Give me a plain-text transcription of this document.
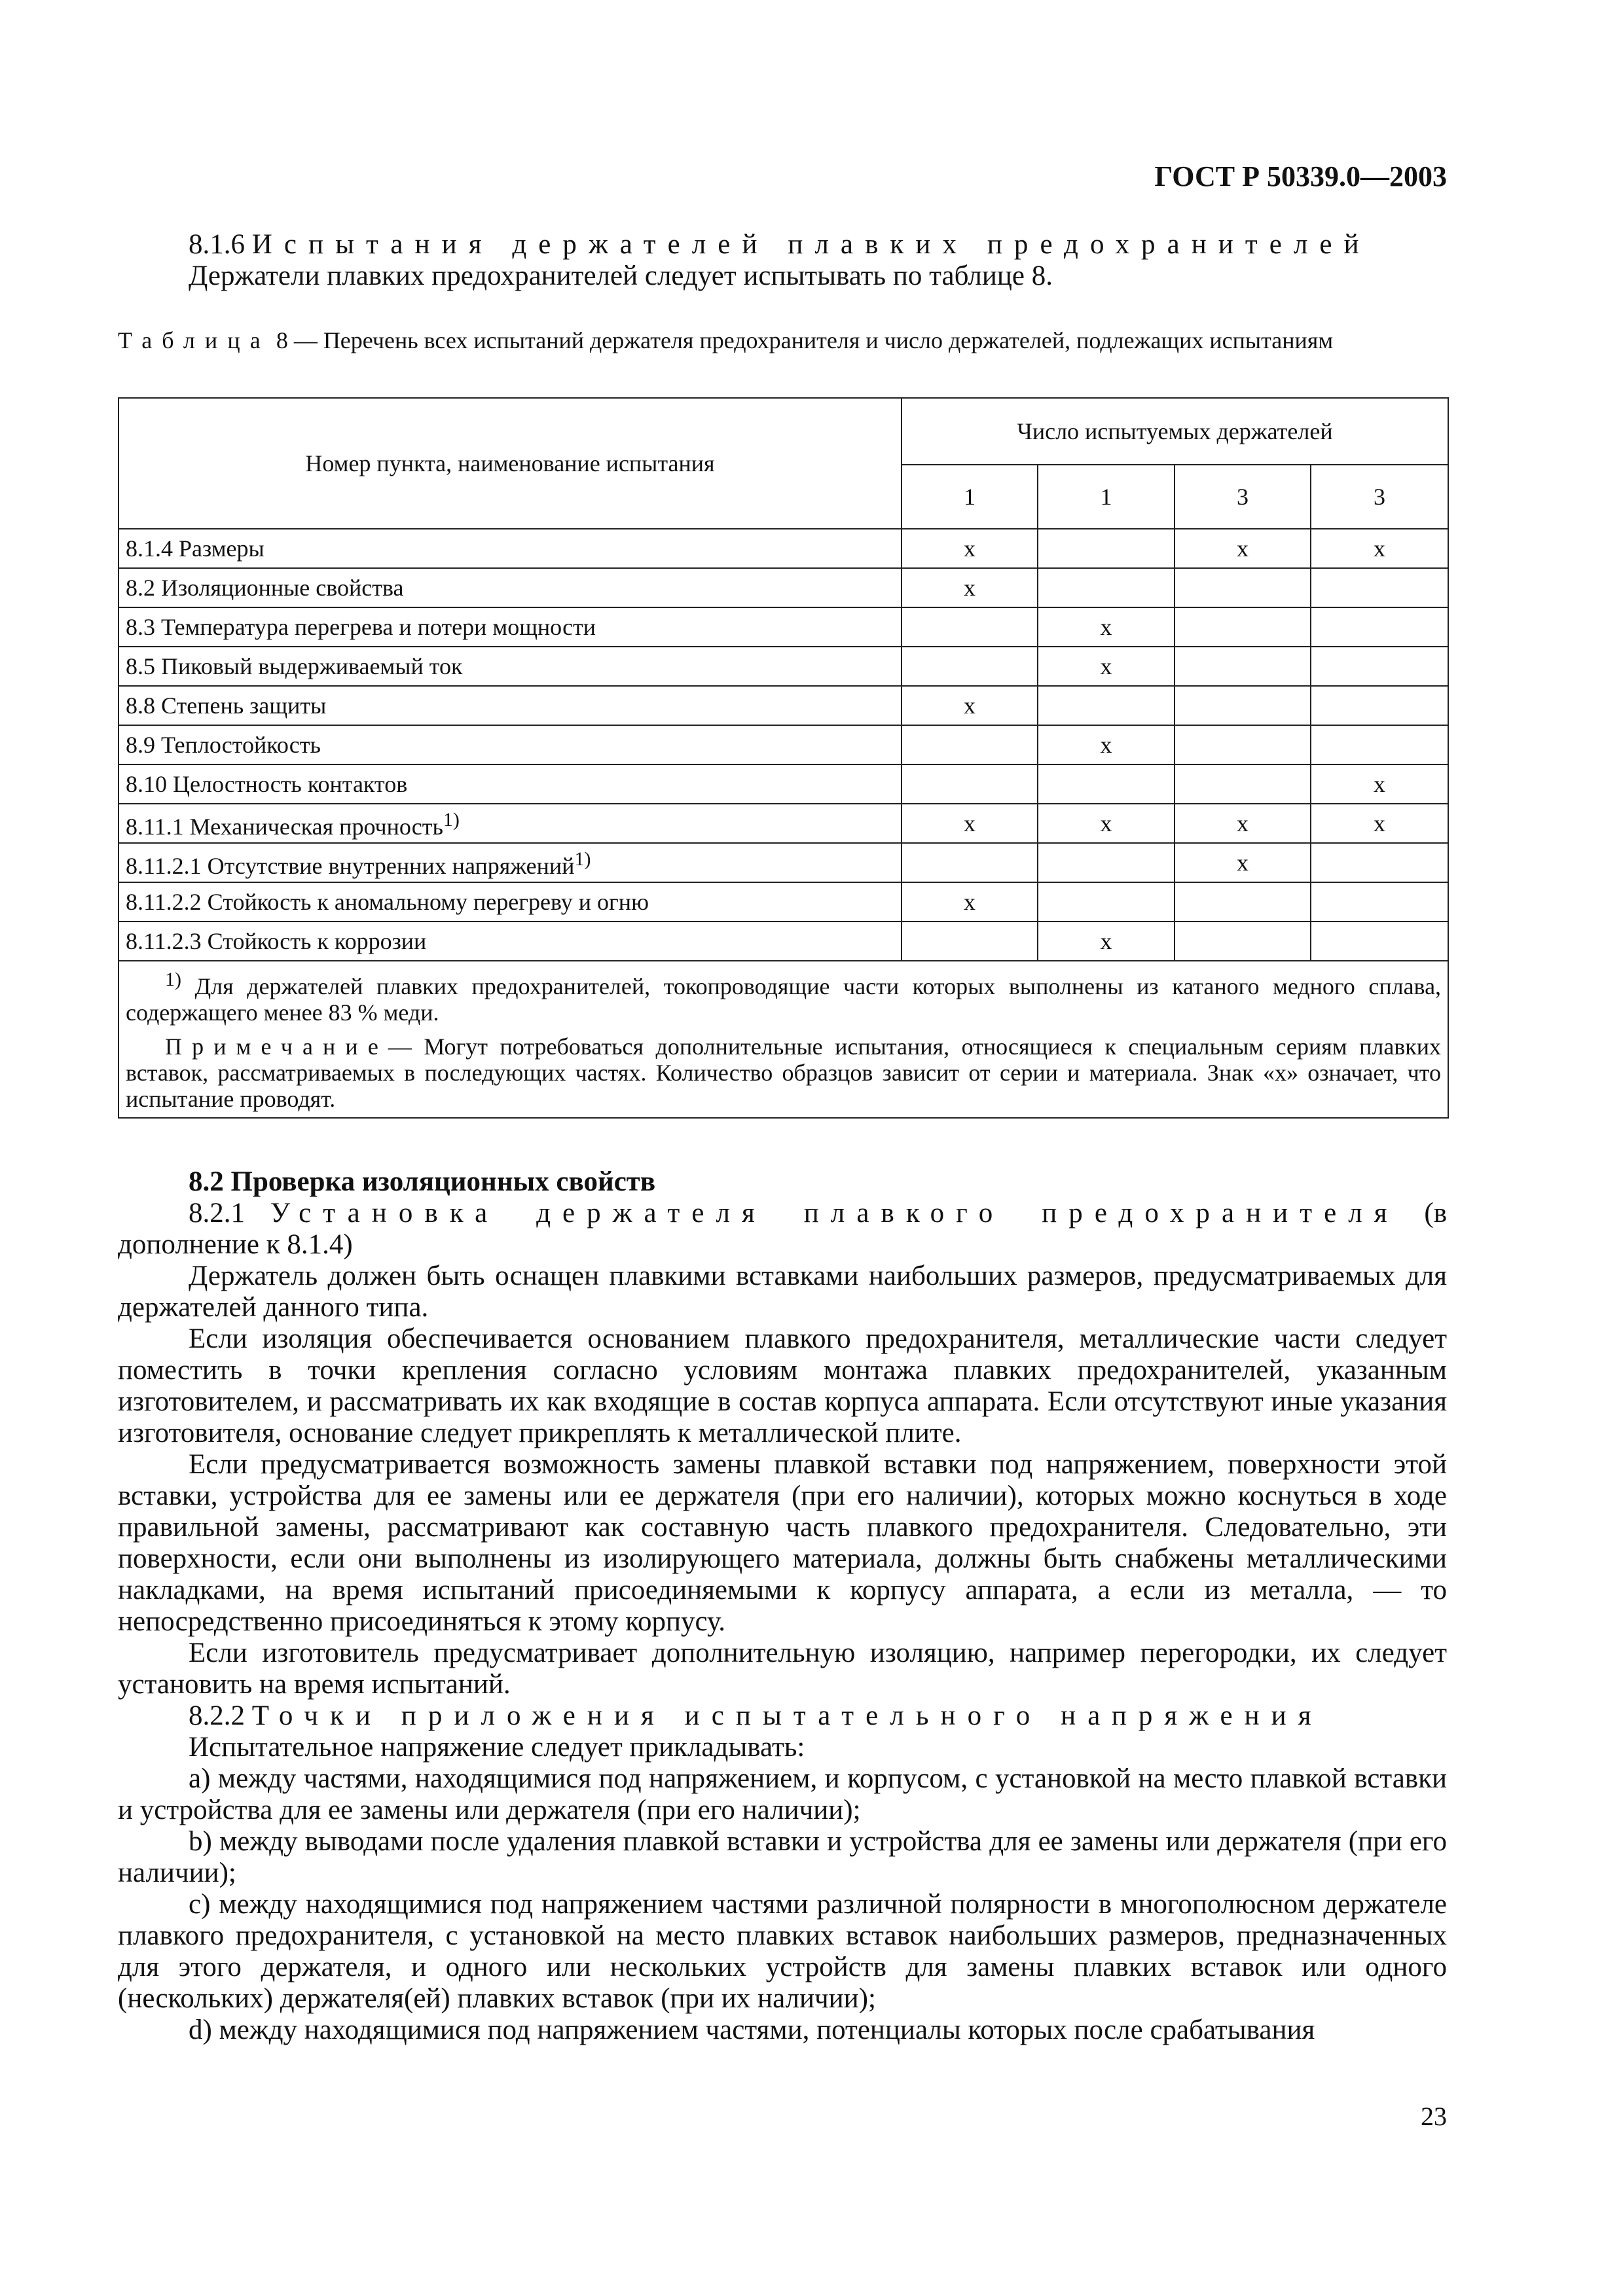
ГОСТ Р 50339.0—2003

8.1.6 Испытания держателей плавких предохранителей

Держатели плавких предохранителей следует испытывать по таблице 8.

Таблица 8 — Перечень всех испытаний держателя предохранителя и число держателей, подлежащих испытаниям
Номер пункта, наименование испытания	Число испытуемых держателей			
	1	1	3	3
8.1.4 Размеры	x		x	x
8.2 Изоляционные свойства	x			
8.3 Температура перегрева и потери мощности		x		
8.5 Пиковый выдерживаемый ток		x		
8.8 Степень защиты	x			
8.9 Теплостойкость		x		
8.10 Целостность контактов				x
8.11.1 Механическая прочность$^{1)}$	x	x	x	x
8.11.2.1 Отсутствие внутренних напряжений$^{1)}$			x	
8.11.2.2 Стойкость к аномальному перегреву и огню	x			
8.11.2.3 Стойкость к коррозии		x		

$^{1)}$ Для держателей плавких предохранителей, токопроводящие части которых выполнены из катаного медного сплава, содержащего менее 83 % меди.
Примечание— Могут потребоваться дополнительные испытания, относящиеся к специальным сериям плавких вставок, рассматриваемых в последующих частях. Количество образцов зависит от серии и материала. Знак «x» означает, что испытание проводят.				

8.2 Проверка изоляционных свойств

8.2.1 Установка держателя плавкого предохранителя (в дополнение к 8.1.4)

Держатель должен быть оснащен плавкими вставками наибольших размеров, предусматриваемых для держателей данного типа.

Если изоляция обеспечивается основанием плавкого предохранителя, металлические части следует поместить в точки крепления согласно условиям монтажа плавких предохранителей, указанным изготовителем, и рассматривать их как входящие в состав корпуса аппарата. Если отсутствуют иные указания изготовителя, основание следует прикреплять к металлической плите.

Если предусматривается возможность замены плавкой вставки под напряжением, поверхности этой вставки, устройства для ее замены или ее держателя (при его наличии), которых можно коснуться в ходе правильной замены, рассматривают как составную часть плавкого предохранителя. Следовательно, эти поверхности, если они выполнены из изолирующего материала, должны быть снабжены металлическими накладками, на время испытаний присоединяемыми к корпусу аппарата, а если из металла, — то непосредственно присоединяться к этому корпусу.

Если изготовитель предусматривает дополнительную изоляцию, например перегородки, их следует установить на время испытаний.

8.2.2 Точки приложения испытательного напряжения

Испытательное напряжение следует прикладывать:

a) между частями, находящимися под напряжением, и корпусом, с установкой на место плавкой вставки и устройства для ее замены или держателя (при его наличии);

b) между выводами после удаления плавкой вставки и устройства для ее замены или держателя (при его наличии);

c) между находящимися под напряжением частями различной полярности в многополюсном держателе плавкого предохранителя, с установкой на место плавких вставок наибольших размеров, предназначенных для этого держателя, и одного или нескольких устройств для замены плавких вставок или одного (нескольких) держателя(ей) плавких вставок (при их наличии);

d) между находящимися под напряжением частями, потенциалы которых после срабатывания

23
